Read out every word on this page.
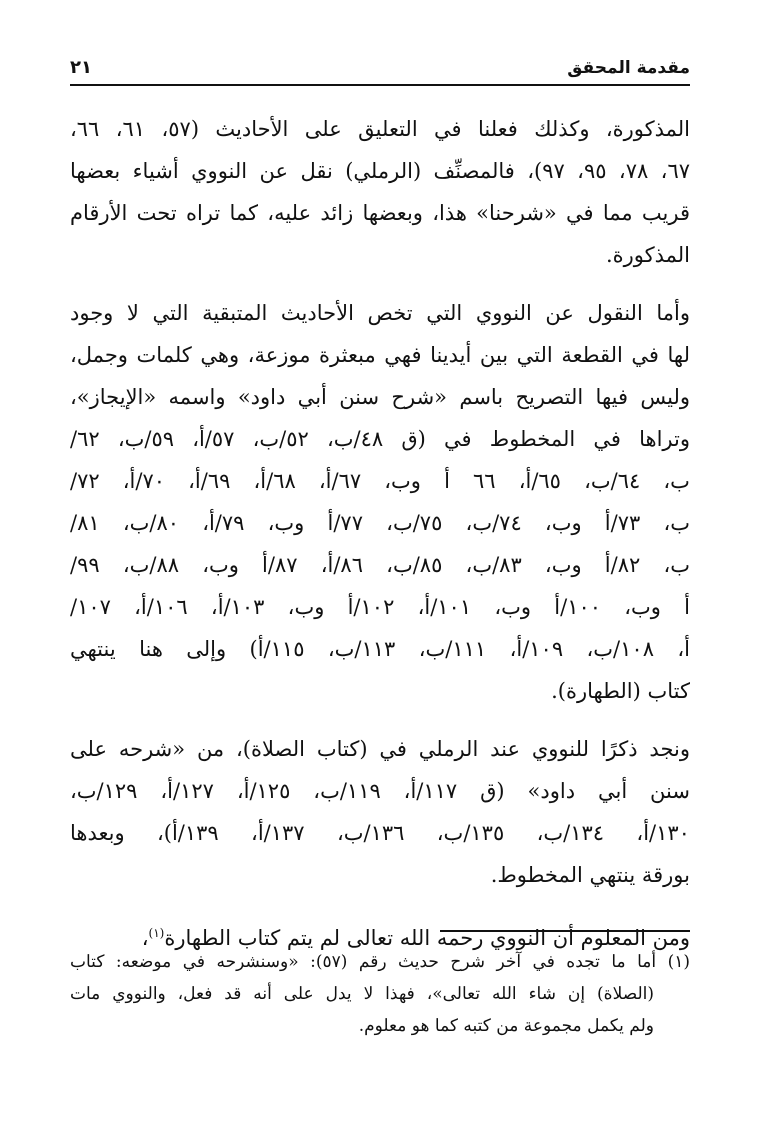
مقدمة المحقق
٢١

المذكورة، وكذلك فعلنا في التعليق على الأحاديث (٥٧، ٦١، ٦٦،
٦٧، ٧٨، ٩٥، ٩٧)، فالمصنِّف (الرملي) نقل عن النووي أشياء بعضها
قريب مما في «شرحنا» هذا، وبعضها زائد عليه، كما تراه تحت الأرقام
المذكورة.

وأما النقول عن النووي التي تخص الأحاديث المتبقية التي لا وجود
لها في القطعة التي بين أيدينا فهي مبعثرة موزعة، وهي كلمات وجمل،
وليس فيها التصريح باسم «شرح سنن أبي داود» واسمه «الإيجاز»،
وتراها في المخطوط في (ق ٤٨/ب، ٥٢/ب، ٥٧/أ، ٥٩/ب، ٦٢/
ب، ٦٤/ب، ٦٥/أ، ٦٦ أ وب، ٦٧/أ، ٦٨/أ، ٦٩/أ، ٧٠/أ، ٧٢/
ب، ٧٣/أ وب، ٧٤/ب، ٧٥/ب، ٧٧/أ وب، ٧٩/أ، ٨٠/ب، ٨١/
ب، ٨٢/أ وب، ٨٣/ب، ٨٥/ب، ٨٦/أ، ٨٧/أ وب، ٨٨/ب، ٩٩/
أ وب، ١٠٠/أ وب، ١٠١/أ، ١٠٢/أ وب، ١٠٣/أ، ١٠٦/أ، ١٠٧/
أ، ١٠٨/ب، ١٠٩/أ، ١١١/ب، ١١٣/ب، ١١٥/أ) وإلى هنا ينتهي
كتاب (الطهارة).

ونجد ذكرًا للنووي عند الرملي في (كتاب الصلاة)، من «شرحه على
سنن أبي داود» (ق ١١٧/أ، ١١٩/ب، ١٢٥/أ، ١٢٧/أ، ١٢٩/ب،
١٣٠/أ، ١٣٤/ب، ١٣٥/ب، ١٣٦/ب، ١٣٧/أ، ١٣٩/أ)، وبعدها
بورقة ينتهي المخطوط.

ومن المعلوم أن النووي رحمه الله تعالى لم يتم كتاب الطهارة$^{(١)}$،

(١) أما ما تجده في آخر شرح حديث رقم (٥٧): «وسنشرحه في موضعه: كتاب
(الصلاة) إن شاء الله تعالى»، فهذا لا يدل على أنه قد فعل، والنووي مات
ولم يكمل مجموعة من كتبه كما هو معلوم.
